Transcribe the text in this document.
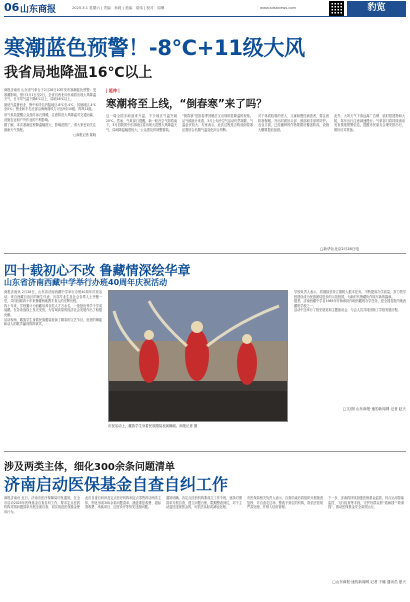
06 山东商报	2025.3.1 星期六 | 责编：孙莉 | 美编：梁伟 | 校对：周琳	www.sdsbnews.com	豹览
寒潮蓝色预警！-8℃+11级大风
我省局地降温16℃以上

商报济南讯 山东省气象台于2月28日10时发布寒潮蓝色预警：受寒潮影响，预计3月1日至2日，全省自西北向东南将出现大风降温天气，日平均气温下降8℃以上，局地16℃以上。

最低气温鲁西北、鲁中和半岛内陆地区-8℃至-4℃，其他地区-4℃至0℃；鲁北和半岛北部沿海海面风力可达9至10级，阵风11级。

省气象局提醒公众及时添衣保暖，注意防范大风降温对交通运输、设施农业和户外作业的不利影响。

据了解，本次寒潮过程降温幅度大、影响范围广，请大家密切关注最新天气预报。

□商报记者 陈晓

| 延伸 |
寒潮将至上线，“倒春寒”来了吗？

这一周全国多地迎来升温，不少地区气温突破20℃。然而，气象部门提醒，新一轮冷空气即将南下，3月初我国中东部地区将出现大范围大风降温天气，局地降温幅度较大，公众需及时调整着装。

“倒春寒”是指春季回暖后又出现明显降温的现象。从气候统计来看，3月上旬冷空气活动仍然频繁，气温起伏较大，专家表示，此次过程是否构成倒春寒还需结合后期气温变化综合判断。

对于体质较弱的老人、儿童和慢性病患者，要注意防寒保暖，外出时做好头部、颈部和手部的防护。农业方面，已经播种的作物要做好覆盖防冻，设施大棚要提前加固。

此外，大风天气下请远离广告牌、临时搭建物和大树，驾车出行注意减速慢行。气象部门将持续滚动发布预报预警信息，提醒市民朋友合理安排出行，做好应对准备。

□新华社北京2月28日电
四十载初心不改 鲁藏情深绘华章
山东省济南西藏中学举行办班40周年庆祝活动

商报济南讯 2月28日，山东省济南西藏中学举行办班40周年庆祝活动。来自西藏自治区的师生代表、历届毕业生及社会各界人士齐聚一堂，共同回顾四十年来鲁藏两地携手育人的光辉历程。

四十年来，学校累计为西藏培养各类人才万余名，一批批优秀学子学成返藏，在各条战线上发光发热，为雪域高原的经济社会发展作出了积极贡献。

活动现场，藏族学生身着民族服装表演了精彩的文艺节目，优美的舞姿和动人的歌声赢得阵阵掌声。

庆祝活动上，藏族学生身着民族服装表演舞蹈。商报记者 摄

学校负责人表示，将继续坚持立德树人根本任务，不断提高办学质量，努力把学校建设成为民族团结进步的示范校园，为新时代鲁藏协作续写新的篇章。

据悉，济南西藏中学自1985年开始承担内地西藏班办学任务，是全国首批内地西藏班学校之一。

活动中还举行了校史展览和主题座谈会，与会人员共同回顾了学校发展历程。

□文/图 山东商报·速豹新闻网 记者 赵天
涉及两类主体，细化300余条问题清单
济南启动医保基金自查自纠工作

商报济南讯 近日，济南市医疗保障局印发通知，在全市启动2025年医保基金自查自纠工作，要求定点医药机构对照问题清单开展全面自查，切实规范医保基金使用行为。

此次自查自纠涉及定点医疗机构和定点零售药店两类主体，细化形成300余条问题清单，涵盖重复收费、超标准收费、串换项目、过度诊疗等常见违规问题。

通知明确，各定点医药机构要成立工作专班，逐条对照清单开展自查，建立问题台账，限期整改到位，对于主动退回违规资金的，可依法从轻或减轻处理。

市医保局相关负责人表示，自查结束后将组织开展抽查复核，对自查走过场、整改不到位的机构，将依法依规严肃处理，并纳入信用管理。

下一步，济南将持续加强医保基金监管，综合运用智能监控、飞行检查等手段，守护好群众的“看病钱”“救命钱”，推动医保基金安全高效运行。

□山东商报·速豹新闻网 记者 于娜 通讯员 夏天
